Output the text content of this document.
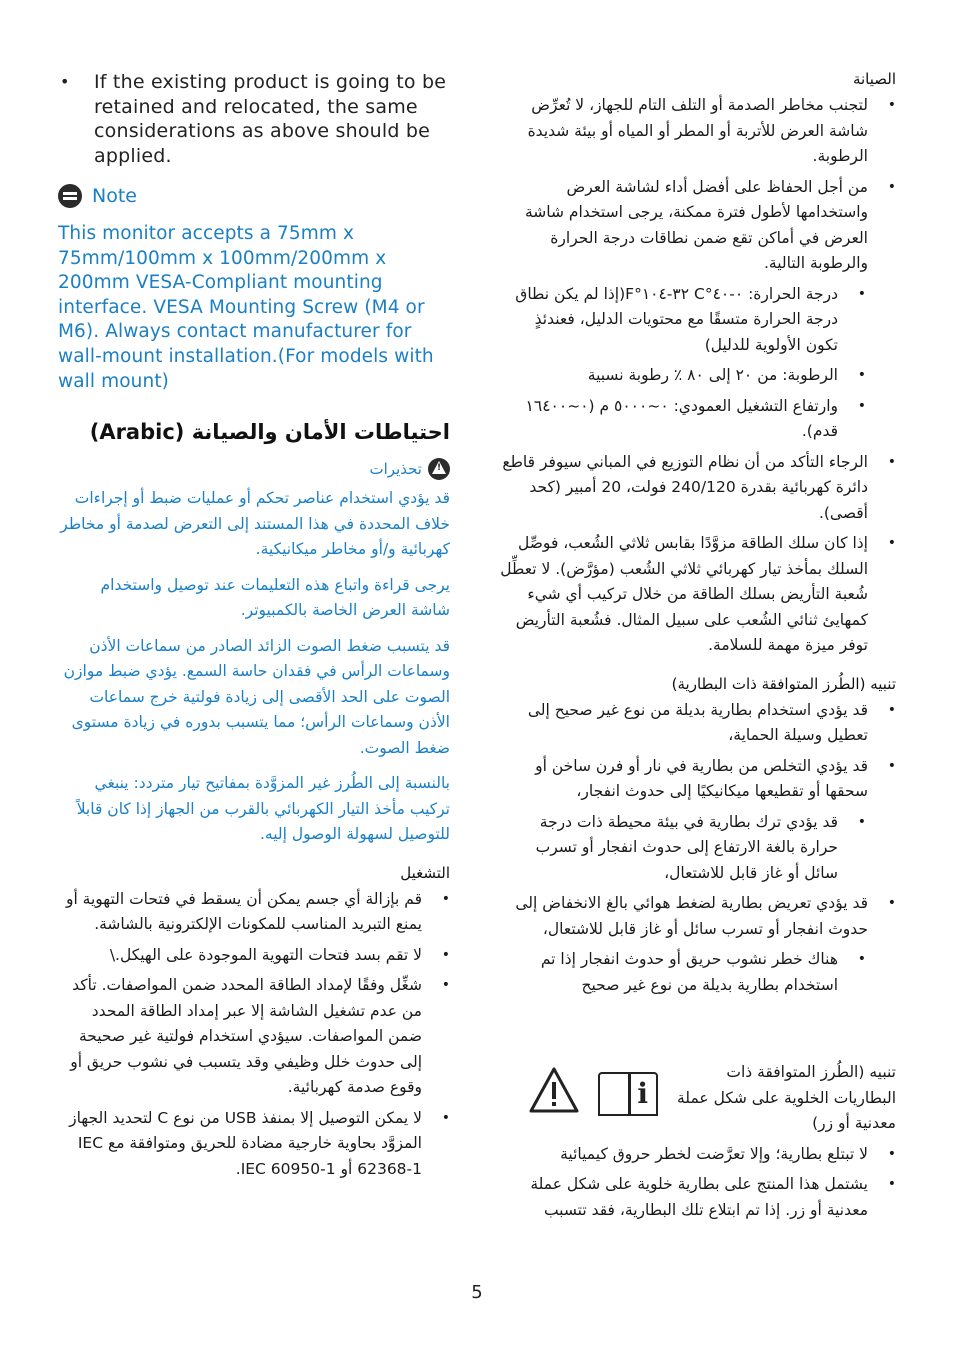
• If the existing product is going to be retained and relocated, the same considerations as above should be applied.
Note

This monitor accepts a 75mm x 75mm/100mm x 100mm/200mm x 200mm VESA-Compliant mounting interface. VESA Mounting Screw (M4 or M6). Always contact manufacturer for wall-mount installation.(For models with wall mount)

احتياطات الأمان والصيانة (Arabic)
!
تحذيرات

قد يؤدي استخدام عناصر تحكم أو عمليات ضبط أو إجراءات خلاف المحددة في هذا المستند إلى التعرض لصدمة أو مخاطر كهربائية و/أو مخاطر ميكانيكية.

يرجى قراءة واتباع هذه التعليمات عند توصيل واستخدام شاشة العرض الخاصة بالكمبيوتر.

قد يتسبب ضغط الصوت الزائد الصادر من سماعات الأذن وسماعات الرأس في فقدان حاسة السمع. يؤدي ضبط موازن الصوت على الحد الأقصى إلى زيادة فولتية خرج سماعات الأذن وسماعات الرأس؛ مما يتسبب بدوره في زيادة مستوى ضغط الصوت.

بالنسبة إلى الطُرز غير المزوَّدة بمفاتيح تيار متردد: ينبغي تركيب مأخذ التيار الكهربائي بالقرب من الجهاز إذا كان قابلاً للتوصيل لسهولة الوصول إليه.

التشغيل
• قم بإزالة أي جسم يمكن أن يسقط في فتحات التهوية أو يمنع التبريد المناسب للمكونات الإلكترونية بالشاشة.
• لا تقم بسد فتحات التهوية الموجودة على الهيكل.\
• شغِّل وفقًا لإمداد الطاقة المحدد ضمن المواصفات. تأكد من عدم تشغيل الشاشة إلا عبر إمداد الطاقة المحدد ضمن المواصفات. سيؤدي استخدام فولتية غير صحيحة إلى حدوث خلل وظيفي وقد يتسبب في نشوب حريق أو وقوع صدمة كهربائية.
• لا يمكن التوصيل إلا بمنفذ USB من نوع C لتحديد الجهاز المزوَّد بحاوية خارجية مضادة للحريق ومتوافقة مع IEC 62368-1 أو IEC 60950-1.
الصيانة
• لتجنب مخاطر الصدمة أو التلف التام للجهاز، لا تُعرِّض شاشة العرض للأتربة أو المطر أو المياه أو بيئة شديدة الرطوبة.
• من أجل الحفاظ على أفضل أداء لشاشة العرض واستخدامها لأطول فترة ممكنة، يرجى استخدام شاشة العرض في أماكن تقع ضمن نطاقات درجة الحرارة والرطوبة التالية.
• درجة الحرارة: ٠-٤٠°C ٣٢-١٠٤°F(إذا لم يكن نطاق درجة الحرارة متسقًا مع محتويات الدليل، فعندئذٍ تكون الأولوية للدليل)
• الرطوبة: من ٢٠ إلى ٨٠ ٪ رطوبة نسبية
• وارتفاع التشغيل العمودي: ٠~٥٠٠٠ م (٠~١٦٤٠٠ قدم).
• الرجاء التأكد من أن نظام التوزيع في المباني سيوفر قاطع دائرة كهربائية بقدرة 240/120 فولت، 20 أمبير (كحد أقصى).
• إذا كان سلك الطاقة مزوَّدًا بقابس ثلاثي الشُعب، فوصِّل السلك بمأخذ تيار كهربائي ثلاثي الشُعب (مؤرَّض). لا تعطِّل شُعبة التأريض بسلك الطاقة من خلال تركيب أي شيء كمهايئ ثنائي الشُعب على سبيل المثال. فشُعبة التأريض توفر ميزة مهمة للسلامة.
تنبيه (الطُرز المتوافقة ذات البطارية)
• قد يؤدي استخدام بطارية بديلة من نوع غير صحيح إلى تعطيل وسيلة الحماية،
• قد يؤدي التخلص من بطارية في نار أو فرن ساخن أو سحقها أو تقطيعها ميكانيكيًا إلى حدوث انفجار،
• قد يؤدي ترك بطارية في بيئة محيطة ذات درجة حرارة بالغة الارتفاع إلى حدوث انفجار أو تسرب سائل أو غاز قابل للاشتعال،
• قد يؤدي تعريض بطارية لضغط هوائي بالغ الانخفاض إلى حدوث انفجار أو تسرب سائل أو غاز قابل للاشتعال،
• هناك خطر نشوب حريق أو حدوث انفجار إذا تم استخدام بطارية بديلة من نوع غير صحيح
تنبيه (الطُرز المتوافقة ذات البطاريات الخلوية على شكل عملة معدنية أو زر)
i
• لا تبتلع بطارية؛ وإلا تعرَّضت لخطر حروق كيميائية
• يشتمل هذا المنتج على بطارية خلوية على شكل عملة معدنية أو زر. إذا تم ابتلاع تلك البطارية، فقد تتسبب
5
